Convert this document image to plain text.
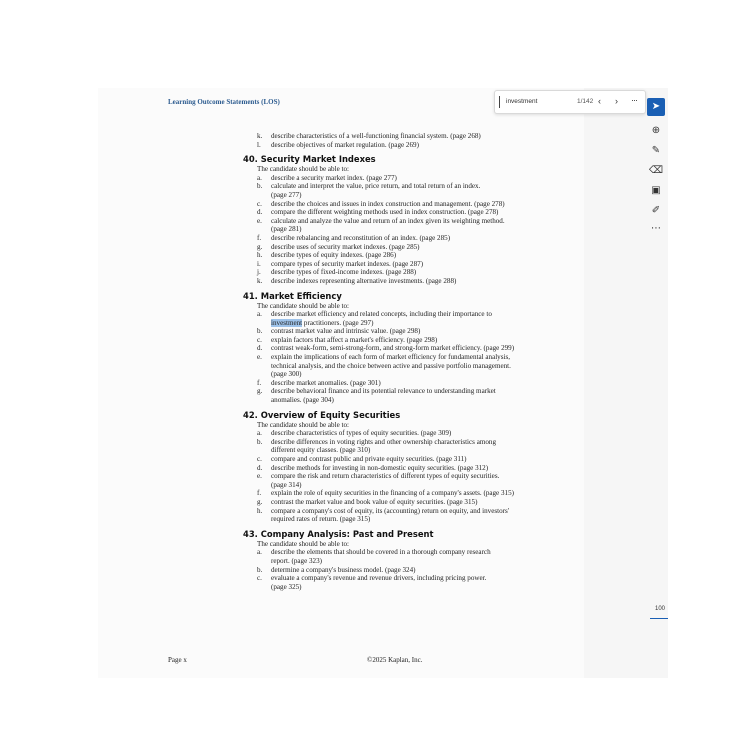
Learning Outcome Statements (LOS)	investment	1/142 ‹ › ···
➤
⊕
✎
⌫
▣
✐
⋯
100
k. describe characteristics of a well-functioning financial system. (page 268)
l. describe objectives of market regulation. (page 269)
40. Security Market Indexes
The candidate should be able to:
a. describe a security market index. (page 277)
b. calculate and interpret the value, price return, and total return of an index.
(page 277)
c. describe the choices and issues in index construction and management. (page 278)
d. compare the different weighting methods used in index construction. (page 278)
e. calculate and analyze the value and return of an index given its weighting method.
(page 281)
f. describe rebalancing and reconstitution of an index. (page 285)
g. describe uses of security market indexes. (page 285)
h. describe types of equity indexes. (page 286)
i. compare types of security market indexes. (page 287)
j. describe types of fixed-income indexes. (page 288)
k. describe indexes representing alternative investments. (page 288)
41. Market Efficiency
The candidate should be able to:
a. describe market efficiency and related concepts, including their importance to
investment practitioners. (page 297)
b. contrast market value and intrinsic value. (page 298)
c. explain factors that affect a market's efficiency. (page 298)
d. contrast weak-form, semi-strong-form, and strong-form market efficiency. (page 299)
e. explain the implications of each form of market efficiency for fundamental analysis,
technical analysis, and the choice between active and passive portfolio management.
(page 300)
f. describe market anomalies. (page 301)
g. describe behavioral finance and its potential relevance to understanding market
anomalies. (page 304)
42. Overview of Equity Securities
The candidate should be able to:
a. describe characteristics of types of equity securities. (page 309)
b. describe differences in voting rights and other ownership characteristics among
different equity classes. (page 310)
c. compare and contrast public and private equity securities. (page 311)
d. describe methods for investing in non-domestic equity securities. (page 312)
e. compare the risk and return characteristics of different types of equity securities.
(page 314)
f. explain the role of equity securities in the financing of a company's assets. (page 315)
g. contrast the market value and book value of equity securities. (page 315)
h. compare a company's cost of equity, its (accounting) return on equity, and investors'
required rates of return. (page 315)
43. Company Analysis: Past and Present
The candidate should be able to:
a. describe the elements that should be covered in a thorough company research
report. (page 323)
b. determine a company's business model. (page 324)
c. evaluate a company's revenue and revenue drivers, including pricing power.
(page 325)
Page x	©2025 Kaplan, Inc.
